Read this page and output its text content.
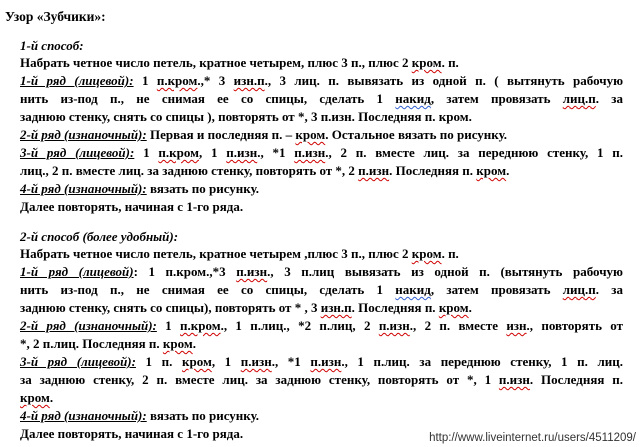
Узор «Зубчики»:
1-й способ:
Набрать четное число петель, кратное четырем, плюс 3 п., плюс 2 кром. п.
1-й ряд (лицевой): 1 п.кром.,* 3 изн.п., 3 лиц. п. вывязать из одной п. ( вытянуть рабочую
нить из-под п., не снимая ее со спицы, сделать 1 накид, затем провязать лиц.п. за
заднюю стенку, снять со спицы ), повторять от *, 3 п.изн. Последняя п. кром.
2-й ряд (изнаночный): Первая и последняя п. – кром. Остальное вязать по рисунку.
3-й ряд (лицевой): 1 п.кром, 1 п.изн., *1 п.изн., 2 п. вместе лиц. за переднюю стенку, 1 п.
лиц., 2 п. вместе лиц. за заднюю стенку, повторять от *, 2 п.изн. Последняя п. кром.
4-й ряд (изнаночный): вязать по рисунку.
Далее повторять, начиная с 1-го ряда.
2-й способ (более удобный):
Набрать четное число петель, кратное четырем ,плюс 3 п., плюс 2 кром. п.
1-й ряд (лицевой): 1 п.кром.,*3 п.изн., 3 п.лиц вывязать из одной п. (вытянуть рабочую
нить из-под п., не снимая ее со спицы, сделать 1 накид, затем провязать лиц.п. за
заднюю стенку, снять со спицы), повторять от * , 3 изн.п. Последняя п. кром.
2-й ряд (изнаночный): 1 п.кром., 1 п.лиц., *2 п.лиц, 2 п.изн., 2 п. вместе изн., повторять от
*, 2 п.лиц. Последняя п. кром.
3-й ряд (лицевой): 1 п. кром, 1 п.изн., *1 п.изн., 1 п.лиц. за переднюю стенку, 1 п. лиц.
за заднюю стенку, 2 п. вместе лиц. за заднюю стенку, повторять от *, 1 п.изн. Последняя п.
кром.
4-й ряд (изнаночный): вязать по рисунку.
Далее повторять, начиная с 1-го ряда.	http://www.liveinternet.ru/users/4511209/
